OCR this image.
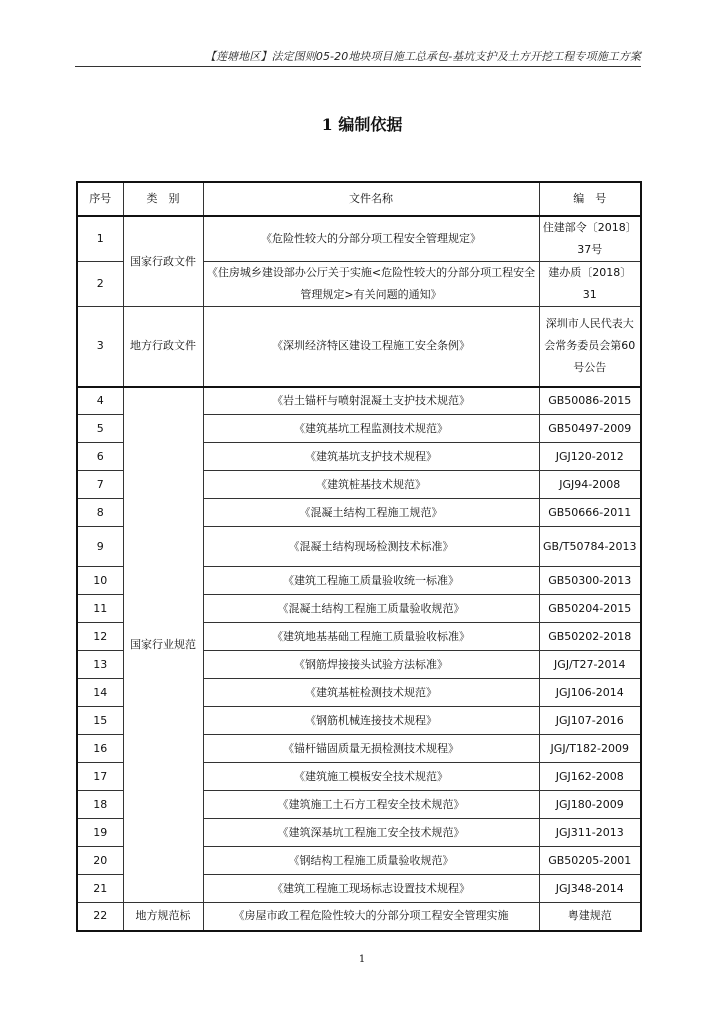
【莲塘地区】法定图则05-20地块项目施工总承包-基坑支护及土方开挖工程专项施工方案
1 编制依据
序号	类　别	文件名称	编　号
1	国家行政文件	《危险性较大的分部分项工程安全管理规定》	住建部令〔2018〕37号
2		《住房城乡建设部办公厅关于实施<危险性较大的分部分项工程安全管理规定>有关问题的通知》	建办质〔2018〕31
3	地方行政文件	《深圳经济特区建设工程施工安全条例》	深圳市人民代表大会常务委员会第60号公告
4	国家行业规范	《岩土锚杆与喷射混凝土支护技术规范》	GB50086-2015
5		《建筑基坑工程监测技术规范》	GB50497-2009
6		《建筑基坑支护技术规程》	JGJ120-2012
7		《建筑桩基技术规范》	JGJ94-2008
8		《混凝土结构工程施工规范》	GB50666-2011
9		《混凝土结构现场检测技术标准》	GB/T50784-2013
10		《建筑工程施工质量验收统一标准》	GB50300-2013
11		《混凝土结构工程施工质量验收规范》	GB50204-2015
12		《建筑地基基础工程施工质量验收标准》	GB50202-2018
13		《钢筋焊接接头试验方法标准》	JGJ/T27-2014
14		《建筑基桩检测技术规范》	JGJ106-2014
15		《钢筋机械连接技术规程》	JGJ107-2016
16		《锚杆锚固质量无损检测技术规程》	JGJ/T182-2009
17		《建筑施工模板安全技术规范》	JGJ162-2008
18		《建筑施工土石方工程安全技术规范》	JGJ180-2009
19		《建筑深基坑工程施工安全技术规范》	JGJ311-2013
20		《钢结构工程施工质量验收规范》	GB50205-2001
21		《建筑工程施工现场标志设置技术规程》	JGJ348-2014
22	地方规范标	《房屋市政工程危险性较大的分部分项工程安全管理实施	粤建规范
1
